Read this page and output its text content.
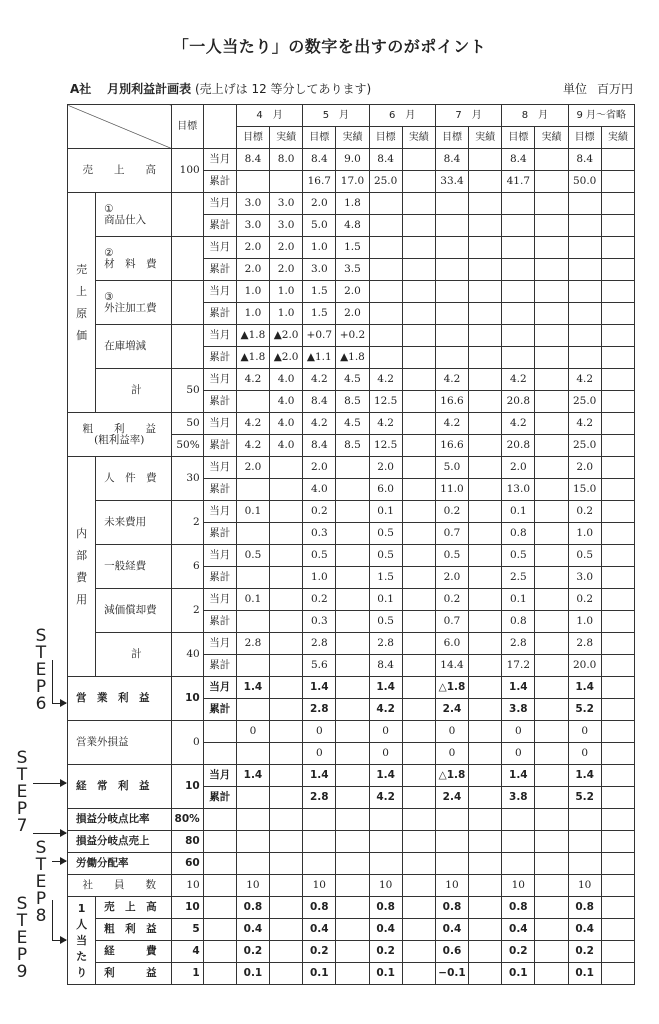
「一人当たり」の数字を出すのがポイント
A社　 月別利益計画表 (売上げは 12 等分してあります)	単位 百万円
		目標		4　月		5　月		6　月		7　月		8　月		9 月～省略	
				目標	実績	目標	実績	目標	実績	目標	実績	目標	実績	目標	実績
売　　上　　高		100	当月	8.4	8.0	8.4	9.0	8.4		8.4		8.4		8.4	
			累計			16.7	17.0	25.0		33.4		41.7		50.0	
売
上
原
価	①
商品仕入		当月	3.0	3.0	2.0	1.8								
			累計	3.0	3.0	5.0	4.8								
	②
材　料　費		当月	2.0	2.0	1.0	1.5								
			累計	2.0	2.0	3.0	3.5								
	③
外注加工費		当月	1.0	1.0	1.5	2.0								
			累計	1.0	1.0	1.5	2.0								
	在庫増減		当月	▲1.8	▲2.0	+0.7	+0.2								
			累計	▲1.8	▲2.0	▲1.1	▲1.8								
	計	50	当月	4.2	4.0	4.2	4.5	4.2		4.2		4.2		4.2	
			累計		4.0	8.4	8.5	12.5		16.6		20.8		25.0	
粗　　利　　益
(粗利益率)		50	当月	4.2	4.0	4.2	4.5	4.2		4.2		4.2		4.2	
		50%	累計	4.2	4.0	8.4	8.5	12.5		16.6		20.8		25.0	
内
部
費
用	人　件　費	30	当月	2.0		2.0		2.0		5.0		2.0		2.0	
			累計			4.0		6.0		11.0		13.0		15.0	
	未来費用	2	当月	0.1		0.2		0.1		0.2		0.1		0.2	
			累計			0.3		0.5		0.7		0.8		1.0	
	一般経費	6	当月	0.5		0.5		0.5		0.5		0.5		0.5	
			累計			1.0		1.5		2.0		2.5		3.0	
	減価償却費	2	当月	0.1		0.2		0.1		0.2		0.1		0.2	
			累計			0.3		0.5		0.7		0.8		1.0	
	計	40	当月	2.8		2.8		2.8		6.0		2.8		2.8	
			累計			5.6		8.4		14.4		17.2		20.0	
営　業　利　益		10	当月	1.4		1.4		1.4		△1.8		1.4		1.4	
			累計			2.8		4.2		2.4		3.8		5.2	
営業外損益		0		0		0		0		0		0		0	
						0		0		0		0		0	
経　常　利　益		10	当月	1.4		1.4		1.4		△1.8		1.4		1.4	
			累計			2.8		4.2		2.4		3.8		5.2	
損益分岐点比率		80%													
損益分岐点売上		80													
労働分配率		60													
社　　員　　数		10		10		10		10		10		10		10	
1
人
当
た
り	売　上　高	10		0.8		0.8		0.8		0.8		0.8		0.8	
	粗　利　益	5		0.4		0.4		0.4		0.4		0.4		0.4	
	経　　　費	4		0.2		0.2		0.2		0.6		0.2		0.2	
	利　　　益	1		0.1		0.1		0.1		−0.1		0.1		0.1	
S
T
E
P
6
S
T
E
P
7
S
T
E
P
8
S
T
E
P
9
